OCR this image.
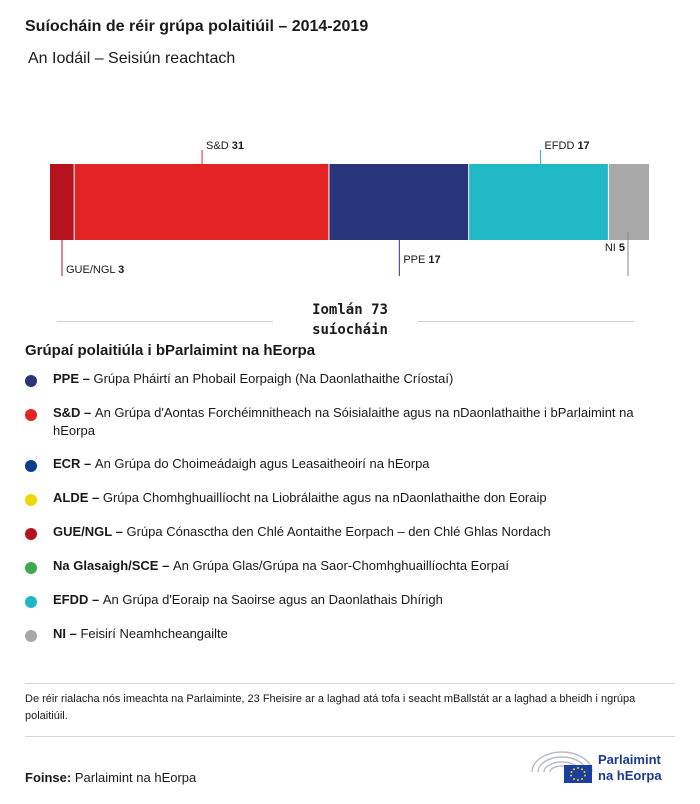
Suíocháin de réir grúpa polaitiúil – 2014-2019
An Iodáil – Seisiún reachtach
GUE/NGL 3
S&D 31
PPE 17
EFDD 17
NI 5
Iomlán 73
suíocháin
Grúpaí polaitiúla i bParlaimint na hEorpa
PPE – Grúpa Pháirtí an Phobail Eorpaigh (Na Daonlathaithe Críostaí)
S&D – An Grúpa d'Aontas Forchéimnitheach na Sóisialaithe agus na nDaonlathaithe i bParlaimint na hEorpa
ECR – An Grúpa do Choimeádaigh agus Leasaitheoirí na hEorpa
ALDE – Grúpa Chomhghuaillíocht na Liobrálaithe agus na nDaonlathaithe don Eoraip
GUE/NGL – Grúpa Cónasctha den Chlé Aontaithe Eorpach – den Chlé Ghlas Nordach
Na Glasaigh/SCE – An Grúpa Glas/Grúpa na Saor-Chomhghuaillíochta Eorpaí
EFDD – An Grúpa d'Eoraip na Saoirse agus an Daonlathais Dhírigh
NI – Feisirí Neamhcheangailte
De réir rialacha nós imeachta na Parlaiminte, 23 Fheisire ar a laghad atá tofa i seacht mBallstát ar a laghad a bheidh i ngrúpa polaitiúil.
Foinse: Parlaimint na hEorpa
Parlaimint
na hEorpa
